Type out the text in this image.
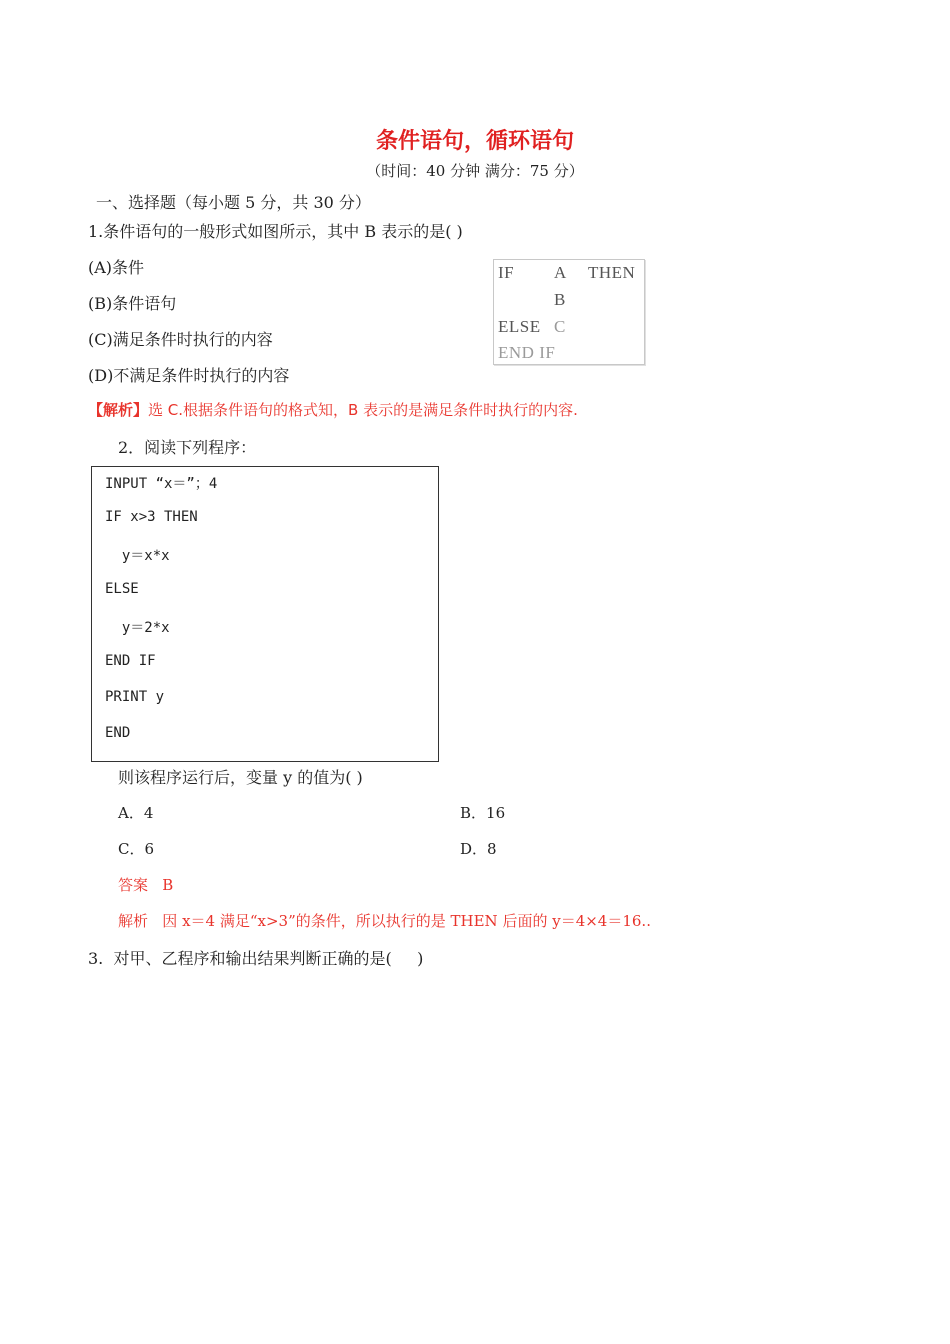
条件语句，循环语句
（时间：40 分钟 满分：75 分）
一、选择题（每小题 5 分，共 30 分）
1.条件语句的一般形式如图所示，其中 B 表示的是( )
(A)条件
(B)条件语句
(C)满足条件时执行的内容
(D)不满足条件时执行的内容
IF A THEN
B
ELSE C
END IF
【解析】选 C.根据条件语句的格式知，B 表示的是满足条件时执行的内容.
2．阅读下列程序：
INPUT “x＝”；4
IF x>3 THEN
y＝x*x
ELSE
y＝2*x
END IF
PRINT y
END
则该程序运行后，变量 y 的值为( )
A．4	B．16
C．6	D．8
答案   B
解析   因 x＝4 满足“x>3”的条件，所以执行的是 THEN 后面的 y＝4×4＝16..
3.  对甲、乙程序和输出结果判断正确的是(     )
